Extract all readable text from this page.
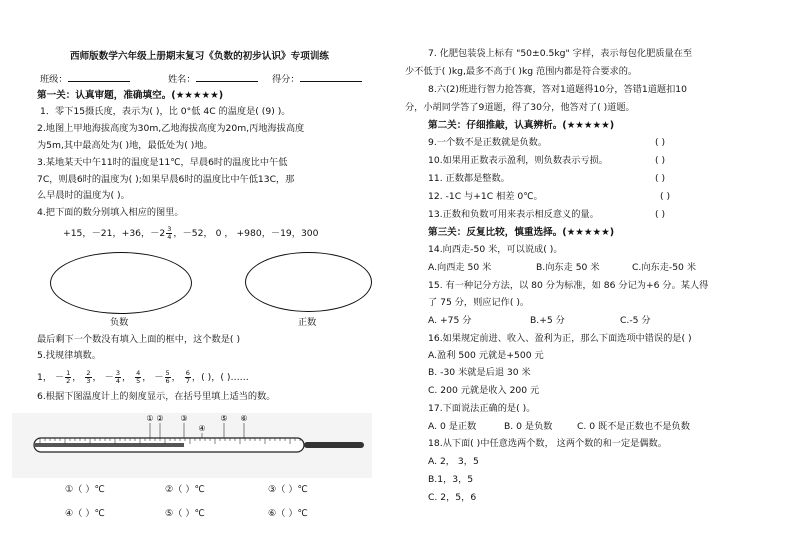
西师版数学六年级上册期末复习《负数的初步认识》专项训练
班级：	姓名：	得分：
第一关：认真审题，准确填空。(★★★★★)
1．零下15摄氏度，表示为( )，比 0°低 4C 的温度是( (9) )。
2.地图上甲地海拔高度为30m,乙地海拔高度为20m,丙地海拔高度
为5m,其中最高处为( )地，最低处为( )地。
3.某地某天中午11时的温度是11℃，早晨6时的温度比中午低
7C，则晨6时的温度为( );如果早晨6时的温度比中午低13C，那
么早晨时的温度为( )。
4.把下面的数分别填入相应的图里。
+15，－21，+36，$-2 \frac{3}{4}$ ，－52， 0 ， +980，－19，300
负数	正数
最后剩下一个数没有填入上面的框中，这个数是( )
5.找规律填数。
1， － $\frac{1}{2}$ ， $\frac{2}{3}$ ， － $\frac{3}{4}$ ， $\frac{4}{5}$ ， － $\frac{5}{6}$ ， $\frac{6}{7}$ ，( )，( )……
6.根据下图温度计上的刻度显示，在括号里填上适当的数。
① ② ③
④
⑤ ⑥
①（ ）℃	②（ ）℃	③（ ）℃
④（ ）℃	⑤（ ）℃	⑥（ ）℃
7. 化肥包装袋上标有 "50±0.5kg" 字样，表示每包化肥质量在至
少不低于( )kg,最多不高于( )kg 范围内都是符合要求的。
8.六(2)班进行智力抢答赛，答对1道题得10分，答错1道题扣10
分，小胡同学答了9道题，得了30分，他答对了( )道题。
第二关：仔细推敲，认真辨析。(★★★★★)
9.一个数不是正数就是负数。	( )
10.如果用正数表示盈利，则负数表示亏损。	( )
11. 正数都是整数。	( )
12. -1C 与+1C 相差 0℃。	( )
13.正数和负数可用来表示相反意义的量。	( )
第三关：反复比较，慎重选择。(★★★★★)
14.向西走-50 米，可以说成( )。
A.向西走 50 米	B.向东走 50 米	C.向东走-50 米
15. 有一种记分方法，以 80 分为标准，如 86 分记为+6 分。某人得
了 75 分，则应记作( )。
A. +75 分	B.+5 分	C.-5 分
16.如果规定前进、收入、盈利为正，那么下面选项中错误的是( )
A.盈利 500 元就是+500 元
B. -30 米就是后退 30 米
C. 200 元就是收入 200 元
17.下面说法正确的是( )。
A. 0 是正数	B. 0 是负数	C. 0 既不是正数也不是负数
18.从下面( )中任意选两个数， 这两个数的和一定是偶数。
A. 2， 3，5
B.1，3，5
C. 2，5，6
